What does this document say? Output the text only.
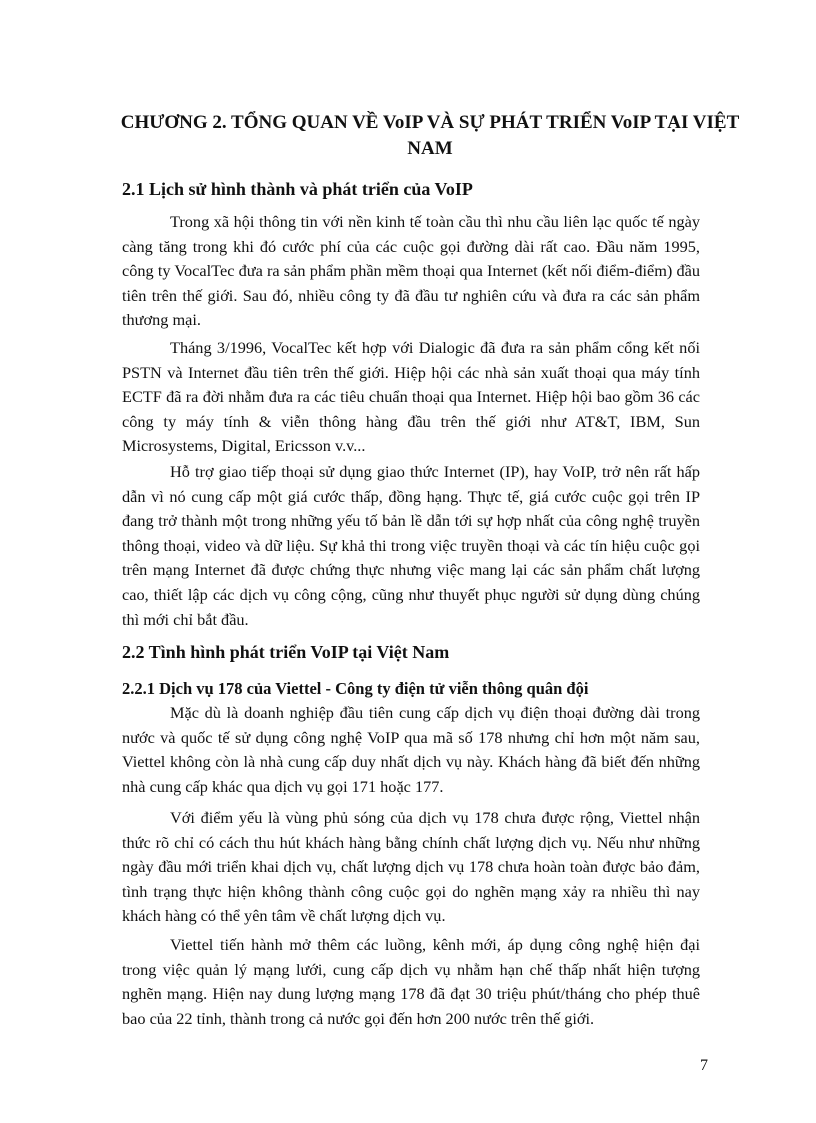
CHƯƠNG 2. TỔNG QUAN VỀ VoIP VÀ SỰ PHÁT TRIỂN VoIP TẠI VIỆT NAM
2.1 Lịch sử hình thành và phát triển của VoIP

Trong xã hội thông tin với nền kinh tế toàn cầu thì nhu cầu liên lạc quốc tế ngày càng tăng trong khi đó cước phí của các cuộc gọi đường dài rất cao. Đầu năm 1995, công ty VocalTec đưa ra sản phẩm phần mềm thoại qua Internet (kết nối điểm-điểm) đầu tiên trên thế giới. Sau đó, nhiều công ty đã đầu tư nghiên cứu và đưa ra các sản phẩm thương mại.

Tháng 3/1996, VocalTec kết hợp với Dialogic đã đưa ra sản phẩm cổng kết nối PSTN và Internet đầu tiên trên thế giới. Hiệp hội các nhà sản xuất thoại qua máy tính ECTF đã ra đời nhằm đưa ra các tiêu chuẩn thoại qua Internet. Hiệp hội bao gồm 36 các công ty máy tính & viễn thông hàng đầu trên thế giới như AT&T, IBM, Sun Microsystems, Digital, Ericsson v.v...

Hỗ trợ giao tiếp thoại sử dụng giao thức Internet (IP), hay VoIP, trở nên rất hấp dẫn vì nó cung cấp một giá cước thấp, đồng hạng. Thực tế, giá cước cuộc gọi trên IP đang trở thành một trong những yếu tố bản lề dẫn tới sự hợp nhất của công nghệ truyền thông thoại, video và dữ liệu. Sự khả thi trong việc truyền thoại và các tín hiệu cuộc gọi trên mạng Internet đã được chứng thực nhưng việc mang lại các sản phẩm chất lượng cao, thiết lập các dịch vụ công cộng, cũng như thuyết phục người sử dụng dùng chúng thì mới chỉ bắt đầu.

2.2 Tình hình phát triển VoIP tại Việt Nam
2.2.1 Dịch vụ 178 của Viettel - Công ty điện tử viễn thông quân đội

Mặc dù là doanh nghiệp đầu tiên cung cấp dịch vụ điện thoại đường dài trong nước và quốc tế sử dụng công nghệ VoIP qua mã số 178 nhưng chỉ hơn một năm sau, Viettel không còn là nhà cung cấp duy nhất dịch vụ này. Khách hàng đã biết đến những nhà cung cấp khác qua dịch vụ gọi 171 hoặc 177.

Với điểm yếu là vùng phủ sóng của dịch vụ 178 chưa được rộng, Viettel nhận thức rõ chỉ có cách thu hút khách hàng bằng chính chất lượng dịch vụ. Nếu như những ngày đầu mới triển khai dịch vụ, chất lượng dịch vụ 178 chưa hoàn toàn được bảo đảm, tình trạng thực hiện không thành công cuộc gọi do nghẽn mạng xảy ra nhiều thì nay khách hàng có thể yên tâm về chất lượng dịch vụ.

Viettel tiến hành mở thêm các luồng, kênh mới, áp dụng công nghệ hiện đại trong việc quản lý mạng lưới, cung cấp dịch vụ nhằm hạn chế thấp nhất hiện tượng nghẽn mạng. Hiện nay dung lượng mạng 178 đã đạt 30 triệu phút/tháng cho phép thuê bao của 22 tỉnh, thành trong cả nước gọi đến hơn 200 nước trên thế giới.

7
